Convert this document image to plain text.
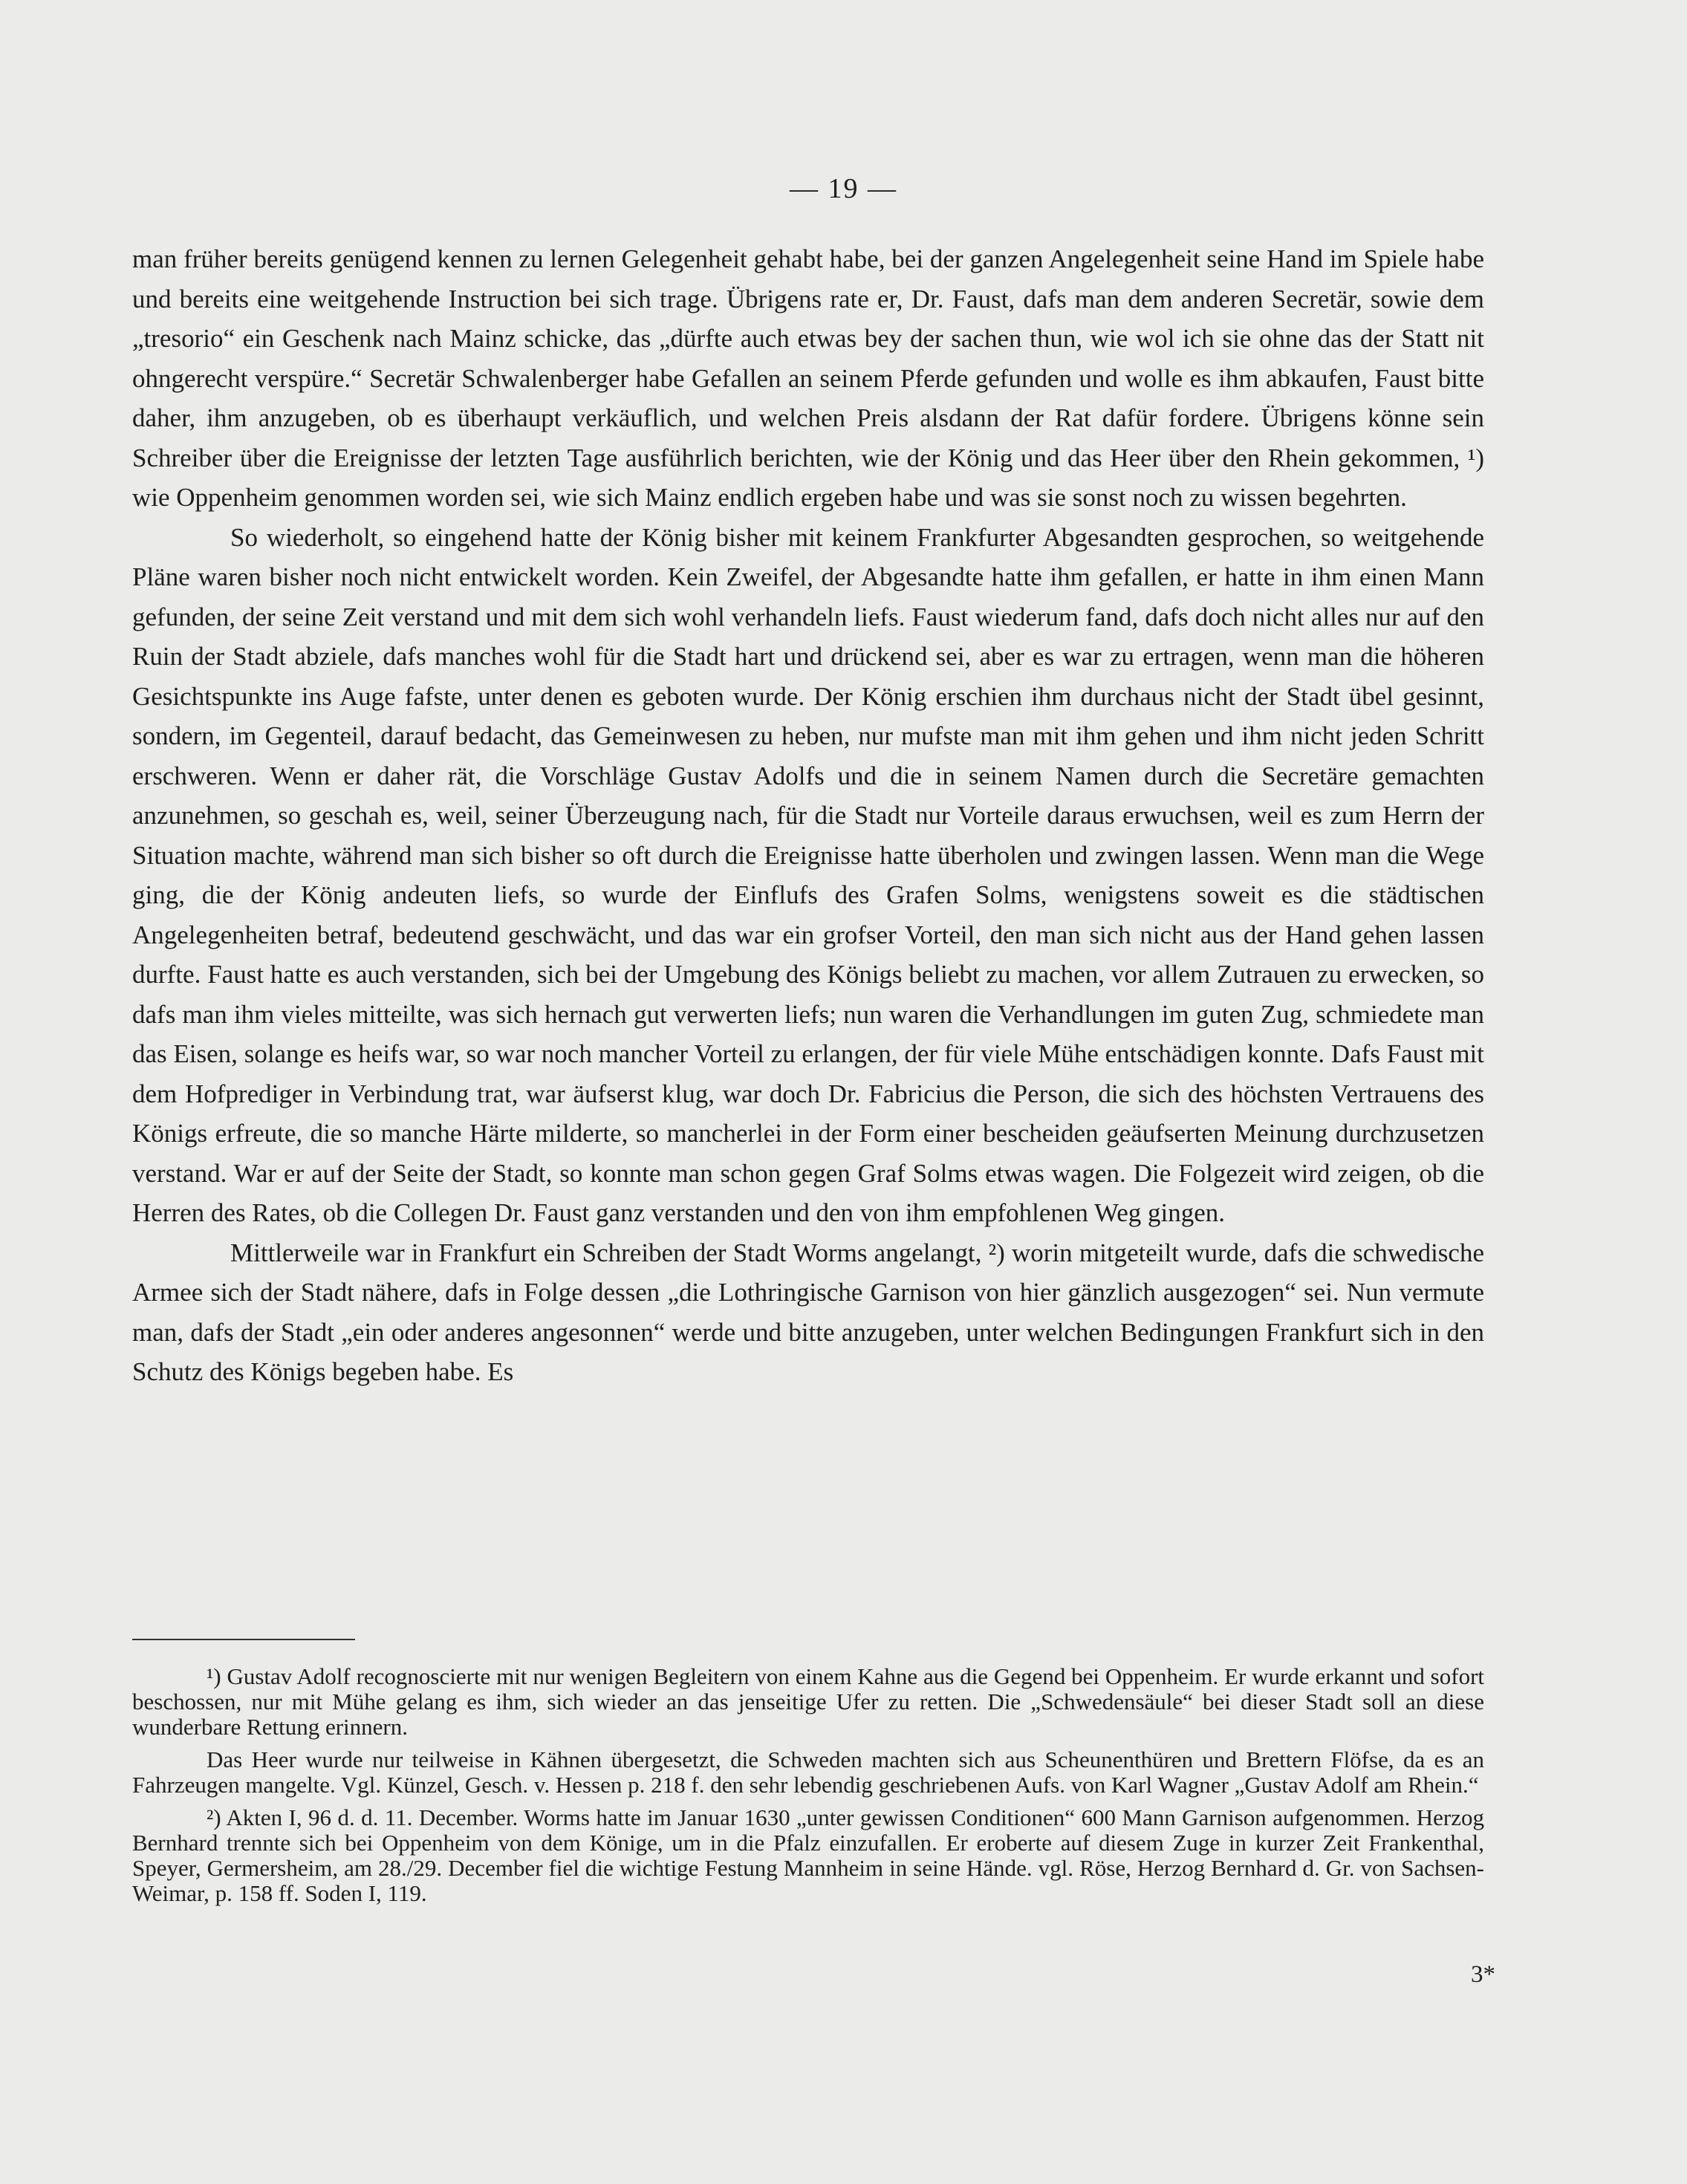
— 19 —

man früher bereits genügend kennen zu lernen Gelegenheit gehabt habe, bei der ganzen Angelegenheit seine Hand im Spiele habe und bereits eine weitgehende Instruction bei sich trage. Übrigens rate er, Dr. Faust, dafs man dem anderen Secretär, sowie dem „tresorio“ ein Geschenk nach Mainz schicke, das „dürfte auch etwas bey der sachen thun, wie wol ich sie ohne das der Statt nit ohngerecht verspüre.“ Secretär Schwalenberger habe Gefallen an seinem Pferde gefunden und wolle es ihm abkaufen, Faust bitte daher, ihm anzugeben, ob es überhaupt verkäuflich, und welchen Preis alsdann der Rat dafür fordere. Übrigens könne sein Schreiber über die Ereignisse der letzten Tage ausführlich berichten, wie der König und das Heer über den Rhein gekommen, ¹) wie Oppenheim genommen worden sei, wie sich Mainz endlich ergeben habe und was sie sonst noch zu wissen begehrten.

So wiederholt, so eingehend hatte der König bisher mit keinem Frankfurter Abgesandten gesprochen, so weitgehende Pläne waren bisher noch nicht entwickelt worden. Kein Zweifel, der Abgesandte hatte ihm gefallen, er hatte in ihm einen Mann gefunden, der seine Zeit verstand und mit dem sich wohl verhandeln liefs. Faust wiederum fand, dafs doch nicht alles nur auf den Ruin der Stadt abziele, dafs manches wohl für die Stadt hart und drückend sei, aber es war zu ertragen, wenn man die höheren Gesichtspunkte ins Auge fafste, unter denen es geboten wurde. Der König erschien ihm durchaus nicht der Stadt übel gesinnt, sondern, im Gegenteil, darauf bedacht, das Gemeinwesen zu heben, nur mufste man mit ihm gehen und ihm nicht jeden Schritt erschweren. Wenn er daher rät, die Vorschläge Gustav Adolfs und die in seinem Namen durch die Secretäre gemachten anzunehmen, so geschah es, weil, seiner Überzeugung nach, für die Stadt nur Vorteile daraus erwuchsen, weil es zum Herrn der Situation machte, während man sich bisher so oft durch die Ereignisse hatte überholen und zwingen lassen. Wenn man die Wege ging, die der König andeuten liefs, so wurde der Einflufs des Grafen Solms, wenigstens soweit es die städtischen Angelegenheiten betraf, bedeutend geschwächt, und das war ein grofser Vorteil, den man sich nicht aus der Hand gehen lassen durfte. Faust hatte es auch verstanden, sich bei der Umgebung des Königs beliebt zu machen, vor allem Zutrauen zu erwecken, so dafs man ihm vieles mitteilte, was sich hernach gut verwerten liefs; nun waren die Verhandlungen im guten Zug, schmiedete man das Eisen, solange es heifs war, so war noch mancher Vorteil zu erlangen, der für viele Mühe entschädigen konnte. Dafs Faust mit dem Hofprediger in Verbindung trat, war äufserst klug, war doch Dr. Fabricius die Person, die sich des höchsten Vertrauens des Königs erfreute, die so manche Härte milderte, so mancherlei in der Form einer bescheiden geäufserten Meinung durchzusetzen verstand. War er auf der Seite der Stadt, so konnte man schon gegen Graf Solms etwas wagen. Die Folgezeit wird zeigen, ob die Herren des Rates, ob die Collegen Dr. Faust ganz verstanden und den von ihm empfohlenen Weg gingen.

Mittlerweile war in Frankfurt ein Schreiben der Stadt Worms angelangt, ²) worin mitgeteilt wurde, dafs die schwedische Armee sich der Stadt nähere, dafs in Folge dessen „die Lothringische Garnison von hier gänzlich ausgezogen“ sei. Nun vermute man, dafs der Stadt „ein oder anderes angesonnen“ werde und bitte anzugeben, unter welchen Bedingungen Frankfurt sich in den Schutz des Königs begeben habe. Es

¹) Gustav Adolf recognoscierte mit nur wenigen Begleitern von einem Kahne aus die Gegend bei Oppenheim. Er wurde erkannt und sofort beschossen, nur mit Mühe gelang es ihm, sich wieder an das jenseitige Ufer zu retten. Die „Schwedensäule“ bei dieser Stadt soll an diese wunderbare Rettung erinnern.

Das Heer wurde nur teilweise in Kähnen übergesetzt, die Schweden machten sich aus Scheunenthüren und Brettern Flöfse, da es an Fahrzeugen mangelte. Vgl. Künzel, Gesch. v. Hessen p. 218 f. den sehr lebendig geschriebenen Aufs. von Karl Wagner „Gustav Adolf am Rhein.“

²) Akten I, 96 d. d. 11. December. Worms hatte im Januar 1630 „unter gewissen Conditionen“ 600 Mann Garnison aufgenommen. Herzog Bernhard trennte sich bei Oppenheim von dem Könige, um in die Pfalz einzufallen. Er eroberte auf diesem Zuge in kurzer Zeit Frankenthal, Speyer, Germersheim, am 28./29. December fiel die wichtige Festung Mannheim in seine Hände. vgl. Röse, Herzog Bernhard d. Gr. von Sachsen-Weimar, p. 158 ff. Soden I, 119.

3*
